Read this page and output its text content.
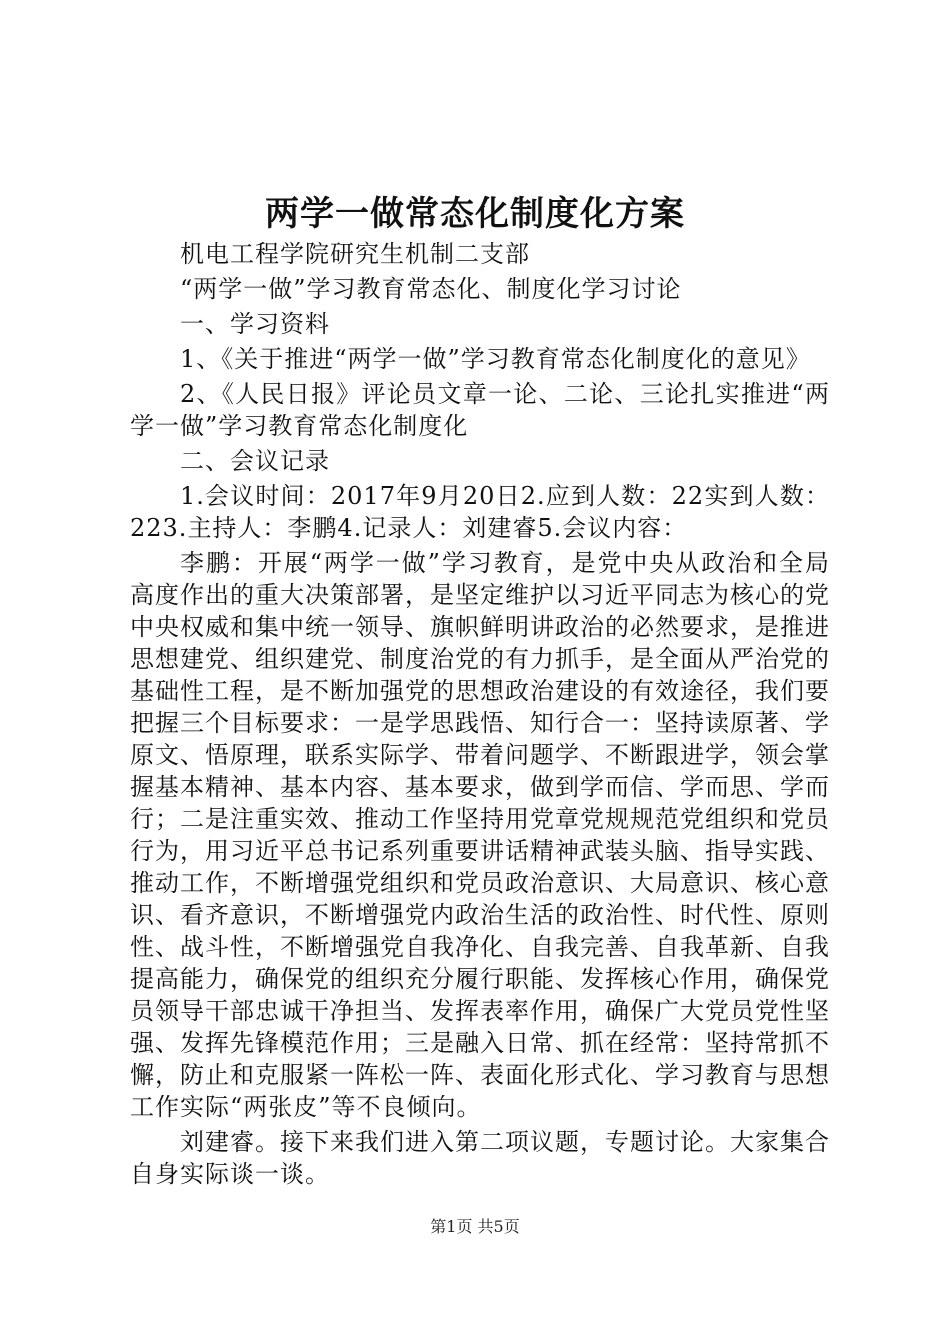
两学一做常态化制度化方案

机电工程学院研究生机制二支部

“两学一做”学习教育常态化、制度化学习讨论

一、学习资料

1、《关于推进“两学一做”学习教育常态化制度化的意见》

2、《人民日报》评论员文章一论、二论、三论扎实推进“两学一做”学习教育常态化制度化

二、会议记录

1.会议时间：2017年9月20日2.应到人数：22实到人数：223.主持人：李鹏4.记录人：刘建睿5.会议内容：

李鹏：开展“两学一做”学习教育，是党中央从政治和全局高度作出的重大决策部署，是坚定维护以习近平同志为核心的党中央权威和集中统一领导、旗帜鲜明讲政治的必然要求，是推进思想建党、组织建党、制度治党的有力抓手，是全面从严治党的基础性工程，是不断加强党的思想政治建设的有效途径，我们要把握三个目标要求：一是学思践悟、知行合一：坚持读原著、学原文、悟原理，联系实际学、带着问题学、不断跟进学，领会掌握基本精神、基本内容、基本要求，做到学而信、学而思、学而行；二是注重实效、推动工作坚持用党章党规规范党组织和党员行为，用习近平总书记系列重要讲话精神武装头脑、指导实践、推动工作，不断增强党组织和党员政治意识、大局意识、核心意识、看齐意识，不断增强党内政治生活的政治性、时代性、原则性、战斗性，不断增强党自我净化、自我完善、自我革新、自我提高能力，确保党的组织充分履行职能、发挥核心作用，确保党员领导干部忠诚干净担当、发挥表率作用，确保广大党员党性坚强、发挥先锋模范作用；三是融入日常、抓在经常：坚持常抓不懈，防止和克服紧一阵松一阵、表面化形式化、学习教育与思想工作实际“两张皮”等不良倾向。

刘建睿。接下来我们进入第二项议题，专题讨论。大家集合自身实际谈一谈。

第1页 共5页
